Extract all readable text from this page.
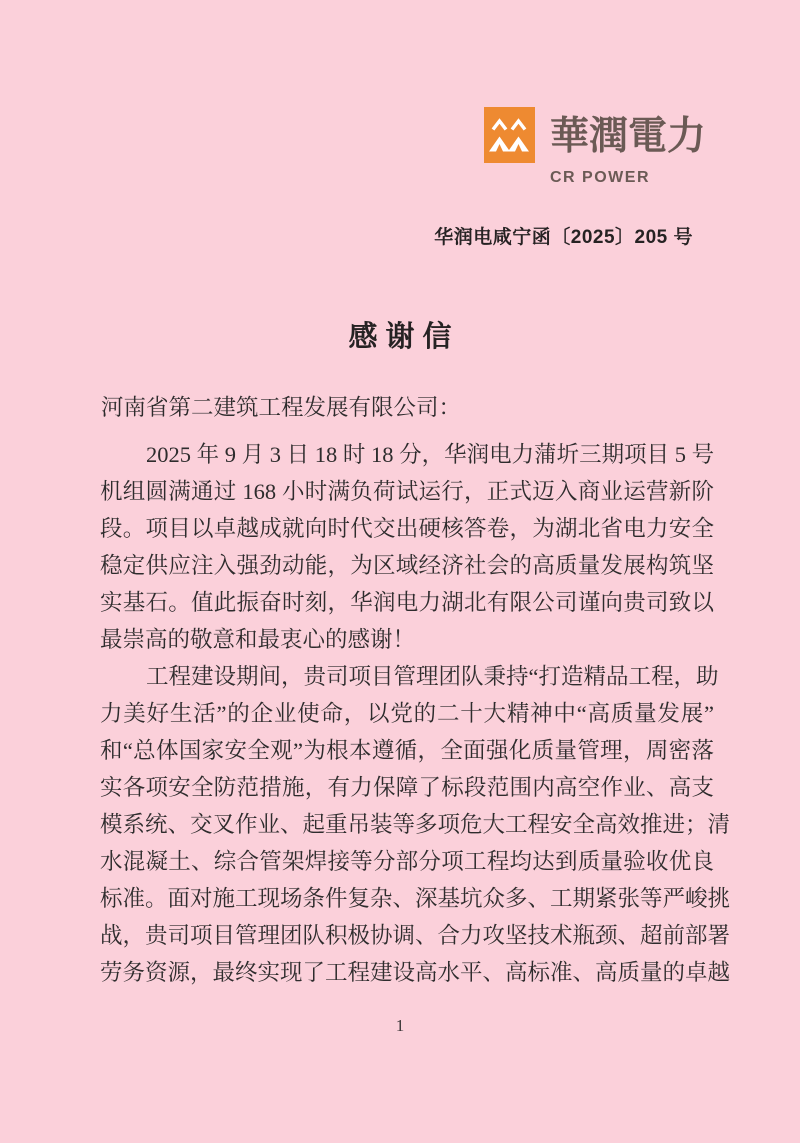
華潤電力
CR POWER
华润电咸宁函〔2025〕205 号
感谢信
河南省第二建筑工程发展有限公司：
2025 年 9 月 3 日 18 时 18 分，华润电力蒲圻三期项目 5 号
机组圆满通过 168 小时满负荷试运行，正式迈入商业运营新阶
段。项目以卓越成就向时代交出硬核答卷，为湖北省电力安全
稳定供应注入强劲动能，为区域经济社会的高质量发展构筑坚
实基石。值此振奋时刻，华润电力湖北有限公司谨向贵司致以
最崇高的敬意和最衷心的感谢！
工程建设期间，贵司项目管理团队秉持“打造精品工程，助
力美好生活”的企业使命，以党的二十大精神中“高质量发展”
和“总体国家安全观”为根本遵循，全面强化质量管理，周密落
实各项安全防范措施，有力保障了标段范围内高空作业、高支
模系统、交叉作业、起重吊装等多项危大工程安全高效推进；清
水混凝土、综合管架焊接等分部分项工程均达到质量验收优良
标准。面对施工现场条件复杂、深基坑众多、工期紧张等严峻挑
战，贵司项目管理团队积极协调、合力攻坚技术瓶颈、超前部署
劳务资源，最终实现了工程建设高水平、高标准、高质量的卓越
1
